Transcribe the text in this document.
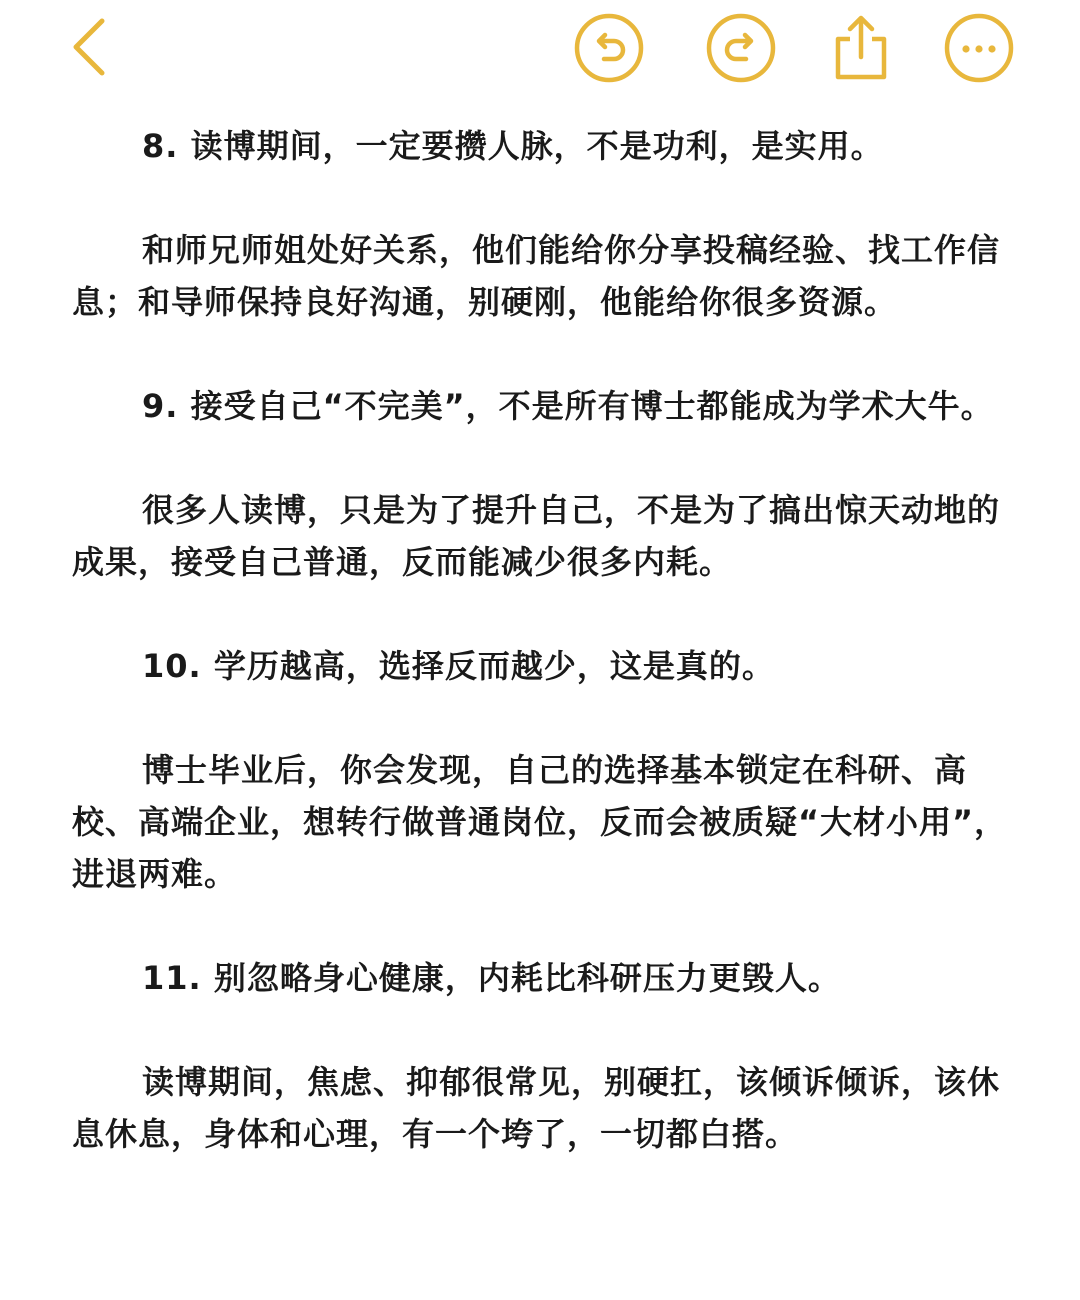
8. 读博期间，一定要攒人脉，不是功利，是实用。

和师兄师姐处好关系，他们能给你分享投稿经验、找工作信息；和导师保持良好沟通，别硬刚，他能给你很多资源。

9. 接受自己“不完美”，不是所有博士都能成为学术大牛。

很多人读博，只是为了提升自己，不是为了搞出惊天动地的成果，接受自己普通，反而能减少很多内耗。

10. 学历越高，选择反而越少，这是真的。

博士毕业后，你会发现，自己的选择基本锁定在科研、高校、高端企业，想转行做普通岗位，反而会被质疑“大材小用”，进退两难。

11. 别忽略身心健康，内耗比科研压力更毁人。

读博期间，焦虑、抑郁很常见，别硬扛，该倾诉倾诉，该休息休息，身体和心理，有一个垮了，一切都白搭。
